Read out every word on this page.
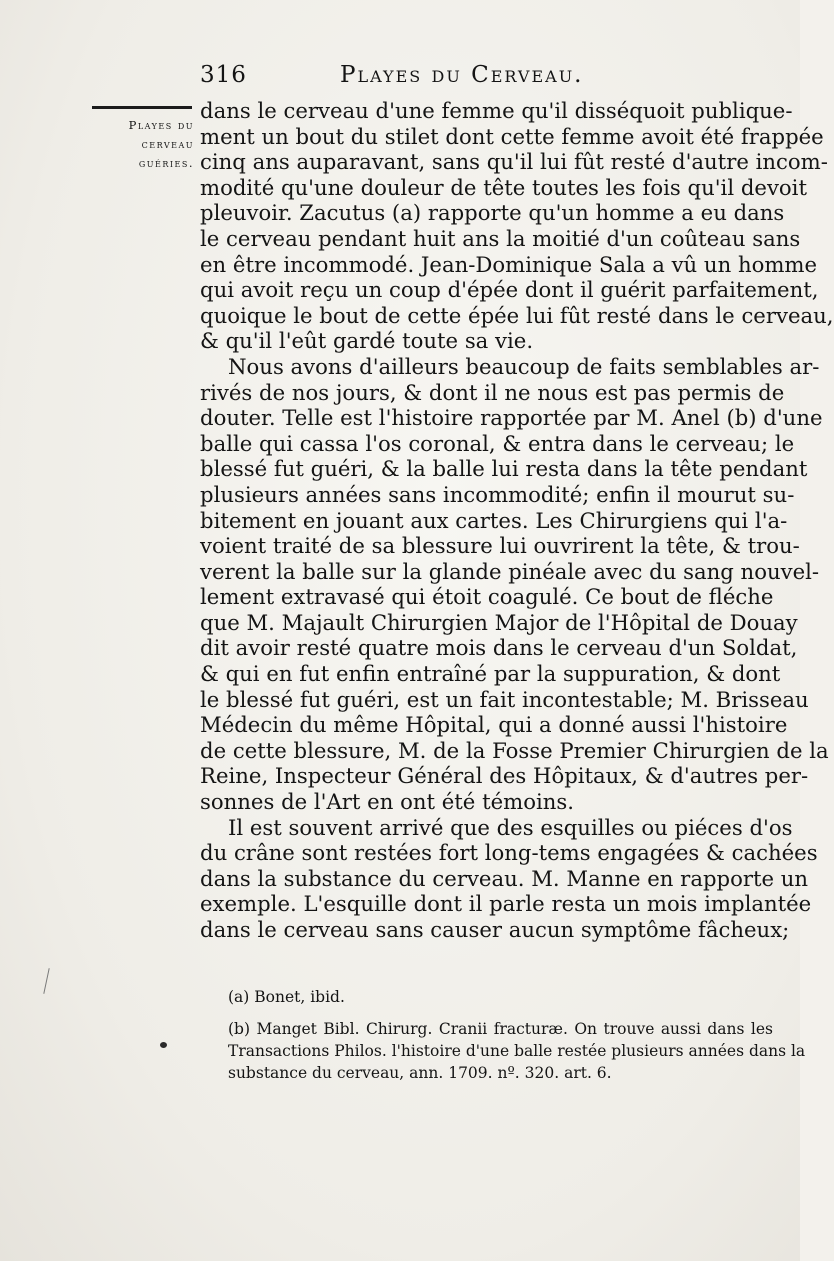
316	Playes du Cerveau.
Playes du
cerveau
guéries.
dans le cerveau d'une femme qu'il disséquoit publique-
ment un bout du stilet dont cette femme avoit été frappée
cinq ans auparavant, sans qu'il lui fût resté d'autre incom-
modité qu'une douleur de tête toutes les fois qu'il devoit
pleuvoir. Zacutus (a) rapporte qu'un homme a eu dans
le cerveau pendant huit ans la moitié d'un coûteau sans
en être incommodé. Jean-Dominique Sala a vû un homme
qui avoit reçu un coup d'épée dont il guérit parfaitement,
quoique le bout de cette épée lui fût resté dans le cerveau,
& qu'il l'eût gardé toute sa vie.
Nous avons d'ailleurs beaucoup de faits semblables ar-
rivés de nos jours, & dont il ne nous est pas permis de
douter. Telle est l'histoire rapportée par M. Anel (b) d'une
balle qui cassa l'os coronal, & entra dans le cerveau; le
blessé fut guéri, & la balle lui resta dans la tête pendant
plusieurs années sans incommodité; enfin il mourut su-
bitement en jouant aux cartes. Les Chirurgiens qui l'a-
voient traité de sa blessure lui ouvrirent la tête, & trou-
verent la balle sur la glande pinéale avec du sang nouvel-
lement extravasé qui étoit coagulé. Ce bout de fléche
que M. Majault Chirurgien Major de l'Hôpital de Douay
dit avoir resté quatre mois dans le cerveau d'un Soldat,
& qui en fut enfin entraîné par la suppuration, & dont
le blessé fut guéri, est un fait incontestable; M. Brisseau
Médecin du même Hôpital, qui a donné aussi l'histoire
de cette blessure, M. de la Fosse Premier Chirurgien de la
Reine, Inspecteur Général des Hôpitaux, & d'autres per-
sonnes de l'Art en ont été témoins.
Il est souvent arrivé que des esquilles ou piéces d'os
du crâne sont restées fort long-tems engagées & cachées
dans la substance du cerveau. M. Manne en rapporte un
exemple. L'esquille dont il parle resta un mois implantée
dans le cerveau sans causer aucun symptôme fâcheux;
(a) Bonet, ibid.
(b) Manget Bibl. Chirurg. Cranii fracturæ. On trouve aussi dans les
Transactions Philos. l'histoire d'une balle restée plusieurs années dans la
substance du cerveau, ann. 1709. nº. 320. art. 6.
